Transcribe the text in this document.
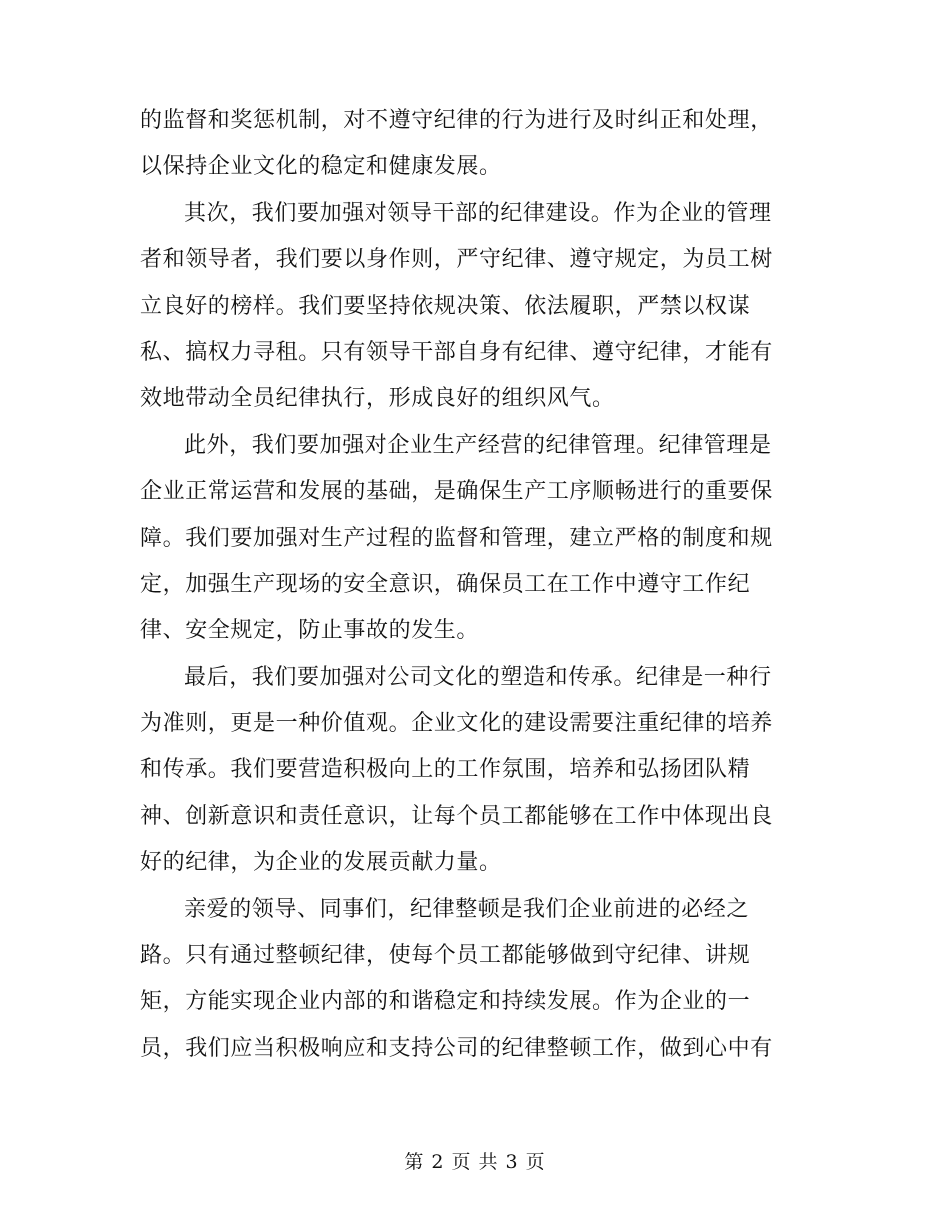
的监督和奖惩机制，对不遵守纪律的行为进行及时纠正和处理，
以保持企业文化的稳定和健康发展。
其次，我们要加强对领导干部的纪律建设。作为企业的管理
者和领导者，我们要以身作则，严守纪律、遵守规定，为员工树
立良好的榜样。我们要坚持依规决策、依法履职，严禁以权谋
私、搞权力寻租。只有领导干部自身有纪律、遵守纪律，才能有
效地带动全员纪律执行，形成良好的组织风气。
此外，我们要加强对企业生产经营的纪律管理。纪律管理是
企业正常运营和发展的基础，是确保生产工序顺畅进行的重要保
障。我们要加强对生产过程的监督和管理，建立严格的制度和规
定，加强生产现场的安全意识，确保员工在工作中遵守工作纪
律、安全规定，防止事故的发生。
最后，我们要加强对公司文化的塑造和传承。纪律是一种行
为准则，更是一种价值观。企业文化的建设需要注重纪律的培养
和传承。我们要营造积极向上的工作氛围，培养和弘扬团队精
神、创新意识和责任意识，让每个员工都能够在工作中体现出良
好的纪律，为企业的发展贡献力量。
亲爱的领导、同事们，纪律整顿是我们企业前进的必经之
路。只有通过整顿纪律，使每个员工都能够做到守纪律、讲规
矩，方能实现企业内部的和谐稳定和持续发展。作为企业的一
员，我们应当积极响应和支持公司的纪律整顿工作，做到心中有
第 2 页 共 3 页
